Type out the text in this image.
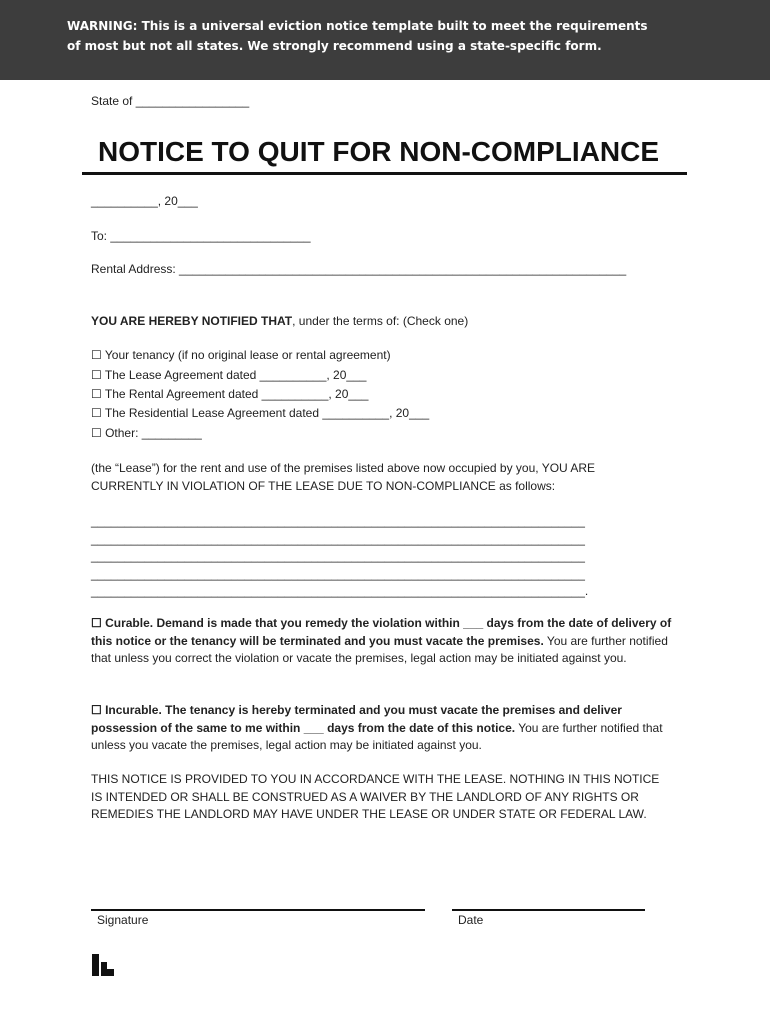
WARNING: This is a universal eviction notice template built to meet the requirements
of most but not all states. We strongly recommend using a state-specific form.
State of _________________
NOTICE TO QUIT FOR NON-COMPLIANCE
__________, 20___
To: ______________________________
Rental Address: ___________________________________________________________________
YOU ARE HEREBY NOTIFIED THAT, under the terms of: (Check one)
☐ Your tenancy (if no original lease or rental agreement)
☐ The Lease Agreement dated __________, 20___
☐ The Rental Agreement dated __________, 20___
☐ The Residential Lease Agreement dated __________, 20___
☐ Other: _________
(the “Lease”) for the rent and use of the premises listed above now occupied by you, YOU ARE
CURRENTLY IN VIOLATION OF THE LEASE DUE TO NON-COMPLIANCE as follows:
__________________________________________________________________________
__________________________________________________________________________
__________________________________________________________________________
__________________________________________________________________________
__________________________________________________________________________.
☐ Curable. Demand is made that you remedy the violation within ___ days from the date of delivery of this notice or the tenancy will be terminated and you must vacate the premises. You are further notified that unless you correct the violation or vacate the premises, legal action may be initiated against you.
☐ Incurable. The tenancy is hereby terminated and you must vacate the premises and deliver possession of the same to me within ___ days from the date of this notice. You are further notified that unless you vacate the premises, legal action may be initiated against you.
THIS NOTICE IS PROVIDED TO YOU IN ACCORDANCE WITH THE LEASE. NOTHING IN THIS NOTICE IS INTENDED OR SHALL BE CONSTRUED AS A WAIVER BY THE LANDLORD OF ANY RIGHTS OR REMEDIES THE LANDLORD MAY HAVE UNDER THE LEASE OR UNDER STATE OR FEDERAL LAW.
Signature	Date
